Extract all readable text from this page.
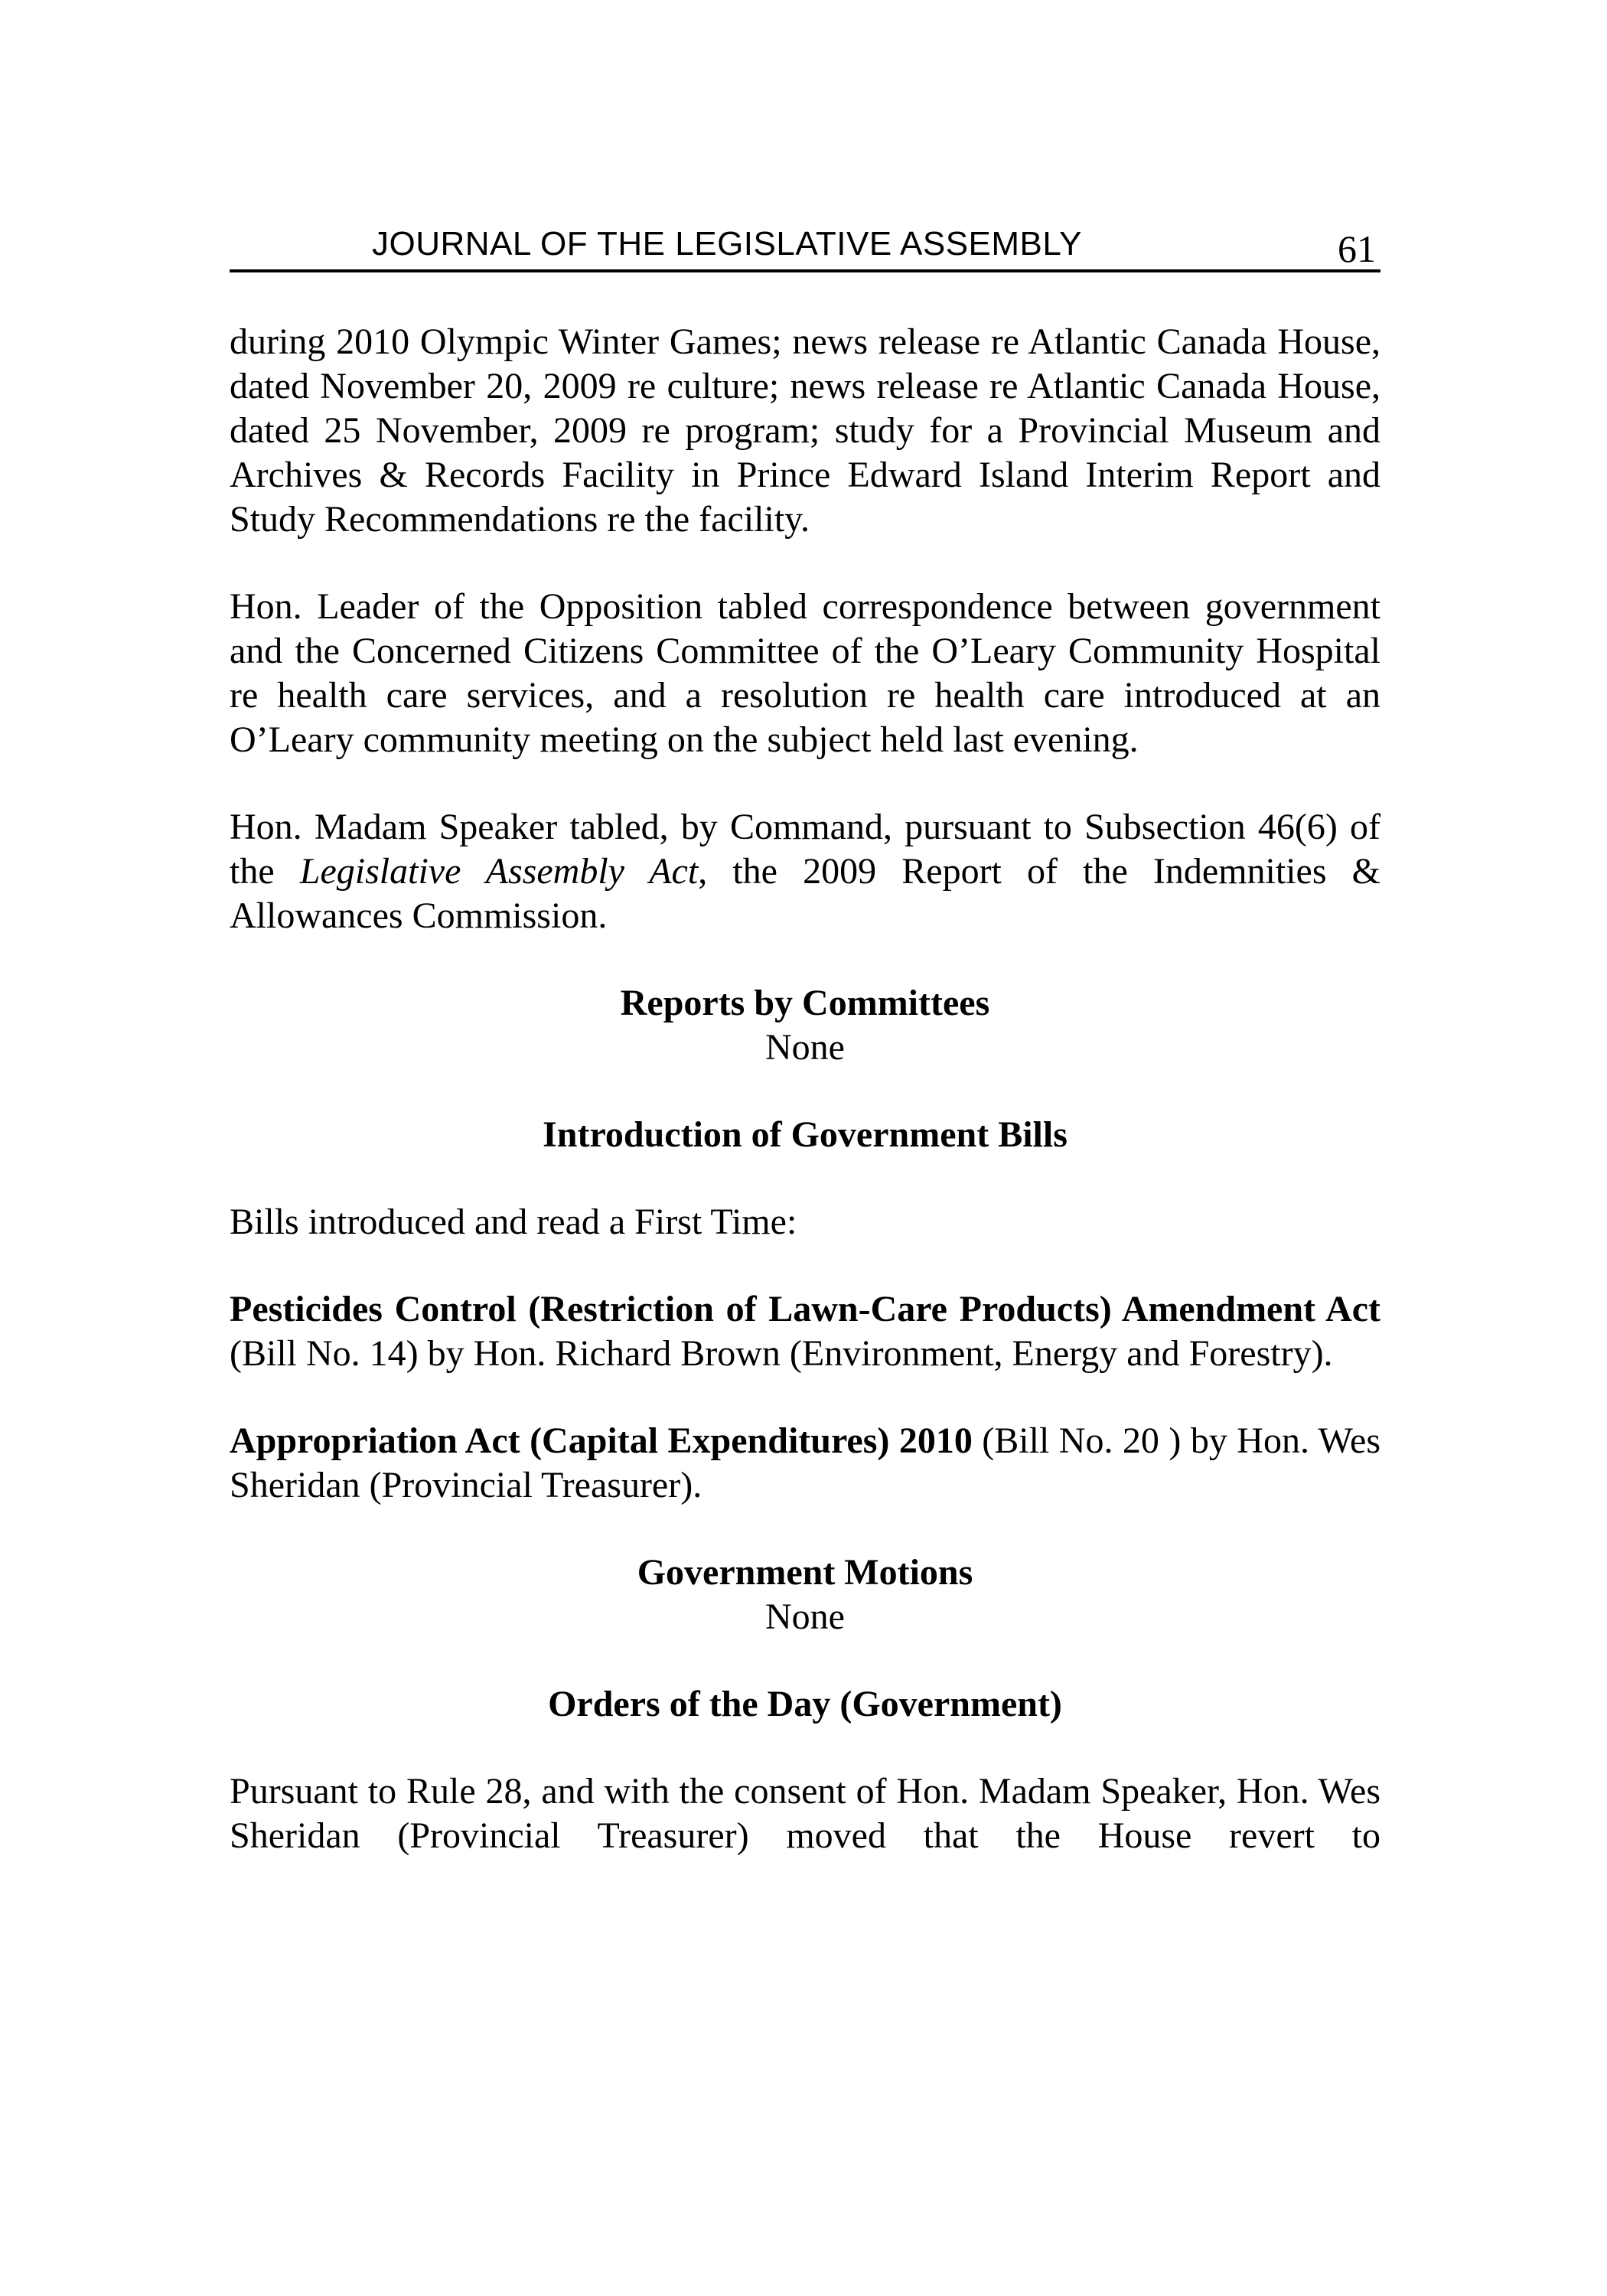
JOURNAL OF THE LEGISLATIVE ASSEMBLY	61

during 2010 Olympic Winter Games; news release re Atlantic Canada House, dated November 20, 2009 re culture; news release re Atlantic Canada House, dated 25 November, 2009 re program; study for a Provincial Museum and Archives & Records Facility in Prince Edward Island Interim Report and Study Recommendations re the facility.

Hon. Leader of the Opposition tabled correspondence between government and the Concerned Citizens Committee of the O’Leary Community Hospital re health care services, and a resolution re health care introduced at an O’Leary community meeting on the subject held last evening.

Hon. Madam Speaker tabled, by Command, pursuant to Subsection 46(6) of the Legislative Assembly Act, the 2009 Report of the Indemnities & Allowances Commission.

Reports by Committees

None

Introduction of Government Bills

Bills introduced and read a First Time:

Pesticides Control (Restriction of Lawn-Care Products) Amendment Act (Bill No. 14) by Hon. Richard Brown (Environment, Energy and Forestry).

Appropriation Act (Capital Expenditures) 2010 (Bill No. 20 ) by Hon. Wes Sheridan (Provincial Treasurer).

Government Motions

None

Orders of the Day (Government)

Pursuant to Rule 28, and with the consent of Hon. Madam Speaker, Hon. Wes Sheridan (Provincial Treasurer) moved that the House revert to
